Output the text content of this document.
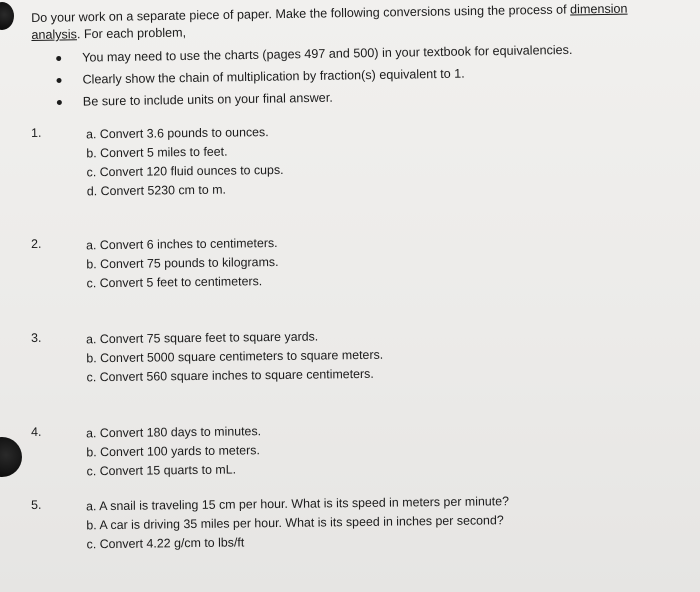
Do your work on a separate piece of paper. Make the following conversions using the process of dimension
analysis. For each problem,
You may need to use the charts (pages 497 and 500) in your textbook for equivalencies.
Clearly show the chain of multiplication by fraction(s) equivalent to 1.
Be sure to include units on your final answer.
1.	a. Convert 3.6 pounds to ounces.
b. Convert 5 miles to feet.
c. Convert 120 fluid ounces to cups.
d. Convert 5230 cm to m.
2.	a. Convert 6 inches to centimeters.
b. Convert 75 pounds to kilograms.
c. Convert 5 feet to centimeters.
3.	a. Convert 75 square feet to square yards.
b. Convert 5000 square centimeters to square meters.
c. Convert 560 square inches to square centimeters.
4.	a. Convert 180 days to minutes.
b. Convert 100 yards to meters.
c. Convert 15 quarts to mL.
5.	a. A snail is traveling 15 cm per hour. What is its speed in meters per minute?
b. A car is driving 35 miles per hour. What is its speed in inches per second?
c. Convert 4.22 g/cm to lbs/ft
